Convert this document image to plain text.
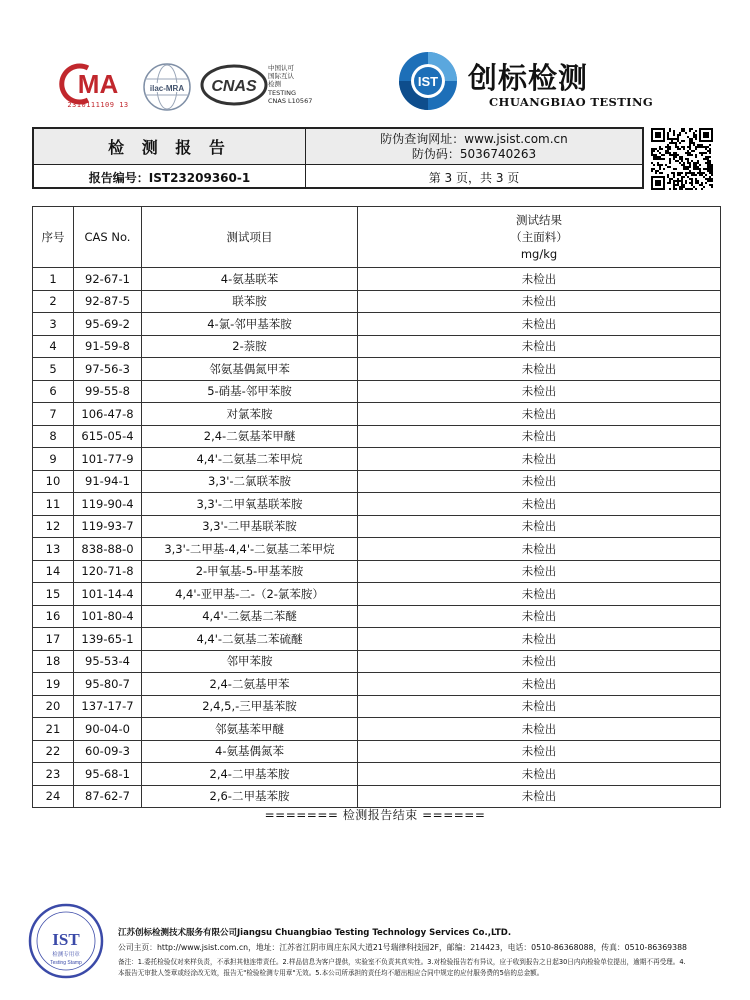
MA
2310111109 13
ilac-MRA CNAS
中国认可
国际互认
检测
TESTING
CNAS L10567
IST 创标检测
CHUANGBIAO TESTING
检 测 报 告
报告编号：IST23209360-1
防伪查询网址：www.jsist.com.cn
防伪码：5036740263
第 3 页，共 3 页
序号	CAS No.	测试项目	测试结果
（主面料）
mg/kg

1	92-67-1	4-氨基联苯	未检出
2	92-87-5	联苯胺	未检出
3	95-69-2	4-氯-邻甲基苯胺	未检出
4	91-59-8	2-萘胺	未检出
5	97-56-3	邻氨基偶氮甲苯	未检出
6	99-55-8	5-硝基-邻甲苯胺	未检出
7	106-47-8	对氯苯胺	未检出
8	615-05-4	2,4-二氨基苯甲醚	未检出
9	101-77-9	4,4'-二氨基二苯甲烷	未检出
10	91-94-1	3,3'-二氯联苯胺	未检出
11	119-90-4	3,3'-二甲氧基联苯胺	未检出
12	119-93-7	3,3'-二甲基联苯胺	未检出
13	838-88-0	3,3'-二甲基-4,4'-二氨基二苯甲烷	未检出
14	120-71-8	2-甲氧基-5-甲基苯胺	未检出
15	101-14-4	4,4'-亚甲基-二-（2-氯苯胺）	未检出
16	101-80-4	4,4'-二氨基二苯醚	未检出
17	139-65-1	4,4'-二氨基二苯硫醚	未检出
18	95-53-4	邻甲苯胺	未检出
19	95-80-7	2,4-二氨基甲苯	未检出
20	137-17-7	2,4,5,-三甲基苯胺	未检出
21	90-04-0	邻氨基苯甲醚	未检出
22	60-09-3	4-氨基偶氮苯	未检出
23	95-68-1	2,4-二甲基苯胺	未检出
24	87-62-7	2,6-二甲基苯胺	未检出
======= 检测报告结束 ======
IST
检测专用章
Testing Stamp
江苏创标检测技术服务有限公司Jiangsu Chuangbiao Testing Technology Services Co.,LTD.
公司主页：http://www.jsist.com.cn，地址：江苏省江阴市周庄东风大道21号瑞律科技园2F，邮编：214423，电话：0510-86368088，传真：0510-86369388
备注：1.委托检验仅对来样负责，不承担其他连带责任。2.样品信息为客户提供，实验室不负责其真实性。3.对检验报告若有异议，应于收到报告之日起30日内向检验单位提出，逾期不再受理。4.
本报告无审批人签章或经涂改无效，报告无"检验检测专用章"无效。5.本公司所承担的责任均不超出相应合同中规定的应付服务费的5倍的总金额。
